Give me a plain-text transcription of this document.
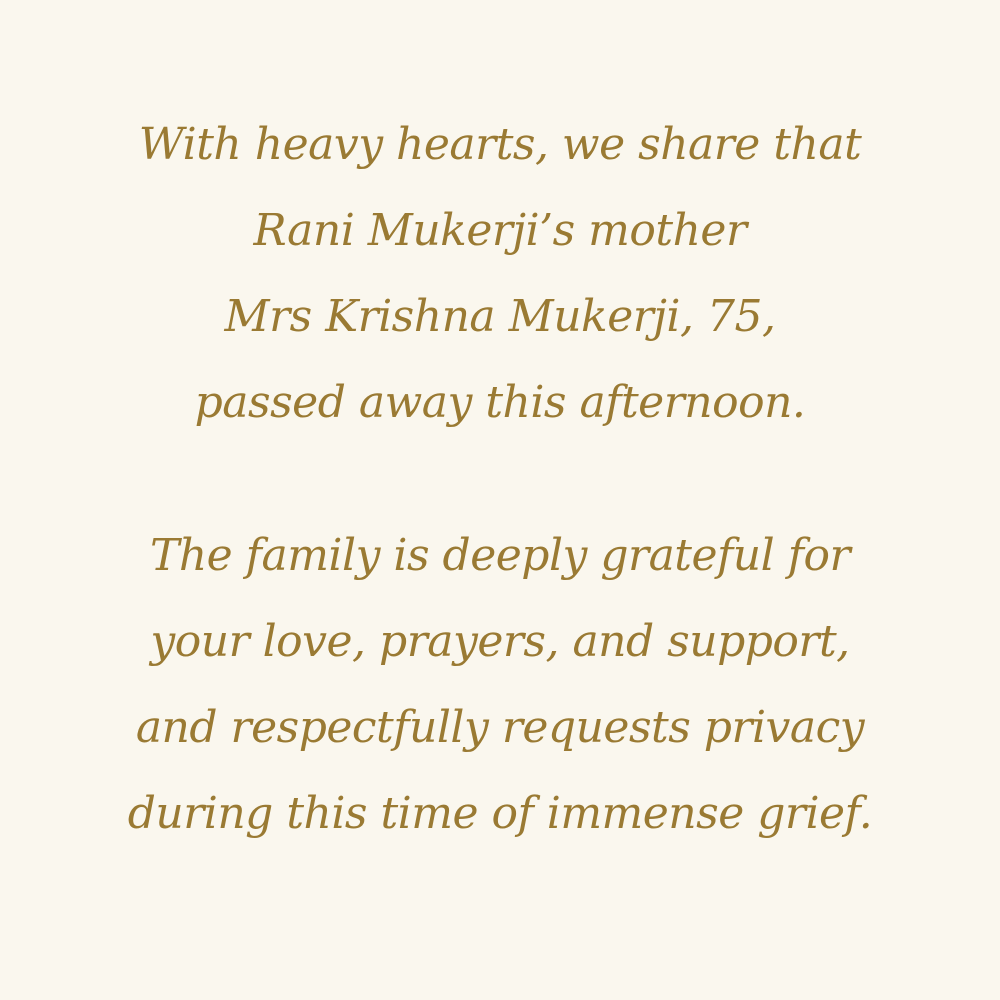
With heavy hearts, we share that
Rani Mukerji’s mother
Mrs Krishna Mukerji, 75,
passed away this afternoon.
The family is deeply grateful for
your love, prayers, and support,
and respectfully requests privacy
during this time of immense grief.
